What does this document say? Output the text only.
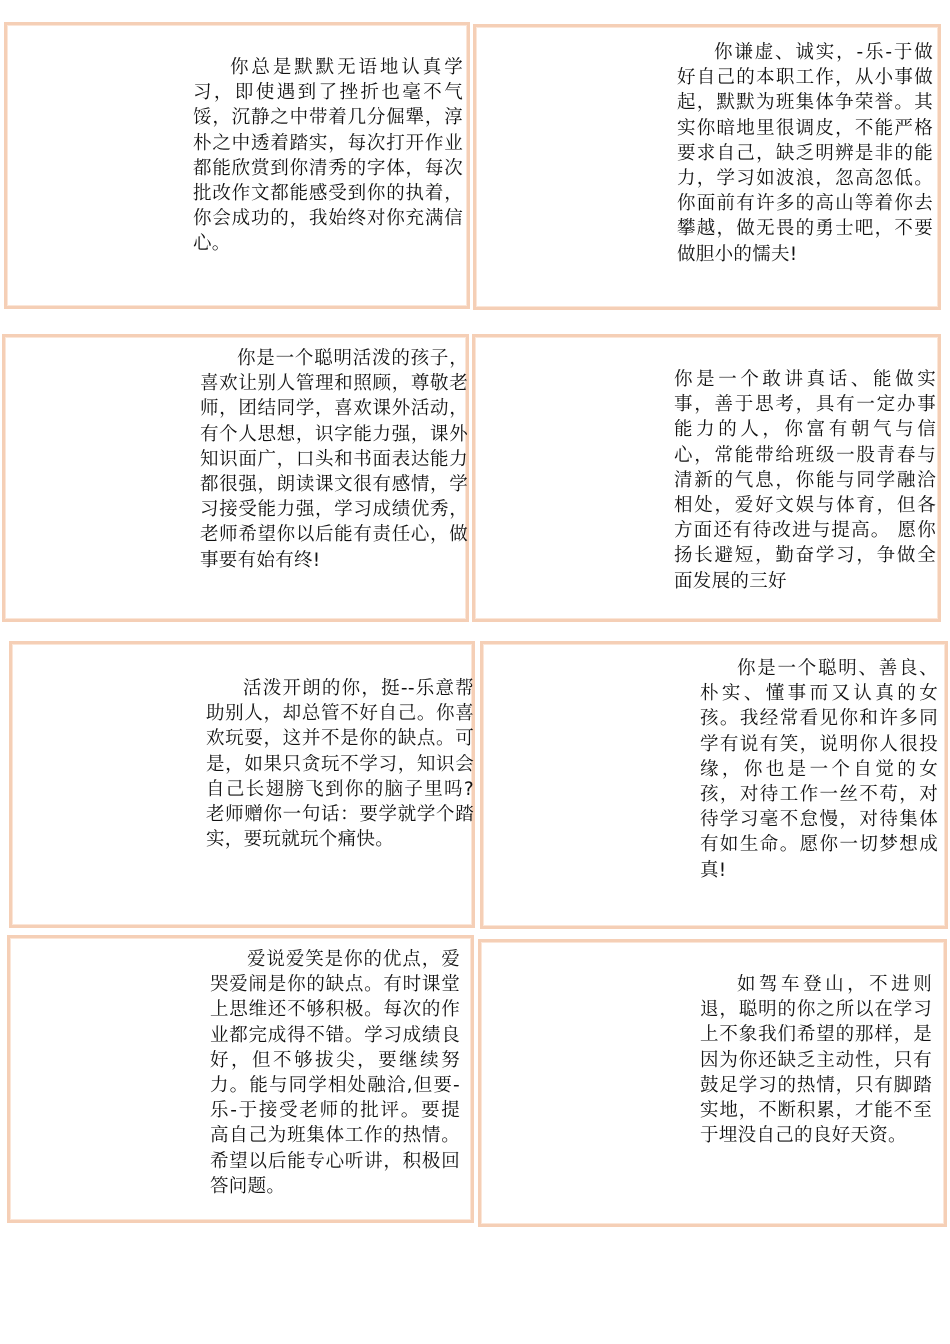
你总是默默无语地认真学习，即使遇到了挫折也毫不气馁，沉静之中带着几分倔犟，淳朴之中透着踏实，每次打开作业都能欣赏到你清秀的字体，每次批改作文都能感受到你的执着，你会成功的，我始终对你充满信心。
你谦虚、诚实，-乐-于做好自己的本职工作，从小事做起，默默为班集体争荣誉。其实你暗地里很调皮，不能严格要求自己，缺乏明辨是非的能力，学习如波浪，忽高忽低。你面前有许多的高山等着你去攀越，做无畏的勇士吧，不要做胆小的懦夫!
你是一个聪明活泼的孩子，喜欢让别人管理和照顾，尊敬老师，团结同学，喜欢课外活动，有个人思想，识字能力强，课外知识面广，口头和书面表达能力都很强，朗读课文很有感情，学习接受能力强，学习成绩优秀，老师希望你以后能有责任心，做事要有始有终!
你是一个敢讲真话、能做实事，善于思考，具有一定办事能力的人，你富有朝气与信心，常能带给班级一股青春与清新的气息，你能与同学融洽相处，爱好文娱与体育，但各方面还有待改进与提高。 愿你扬长避短，勤奋学习，争做全面发展的三好
活泼开朗的你，挺--乐意帮助别人，却总管不好自己。你喜欢玩耍，这并不是你的缺点。可是，如果只贪玩不学习，知识会自己长翅膀飞到你的脑子里吗?老师赠你一句话：要学就学个踏实，要玩就玩个痛快。
你是一个聪明、善良、朴实、懂事而又认真的女孩。我经常看见你和许多同学有说有笑，说明你人很投缘，你也是一个自觉的女孩，对待工作一丝不苟，对待学习毫不怠慢，对待集体有如生命。愿你一切梦想成真!
爱说爱笑是你的优点，爱哭爱闹是你的缺点。有时课堂上思维还不够积极。每次的作业都完成得不错。学习成绩良好，但不够拔尖，要继续努力。能与同学相处融洽,但要-乐-于接受老师的批评。要提高自己为班集体工作的热情。希望以后能专心听讲，积极回答问题。
如驾车登山，不进则退，聪明的你之所以在学习上不象我们希望的那样，是因为你还缺乏主动性，只有鼓足学习的热情，只有脚踏实地，不断积累，才能不至于埋没自己的良好天资。
